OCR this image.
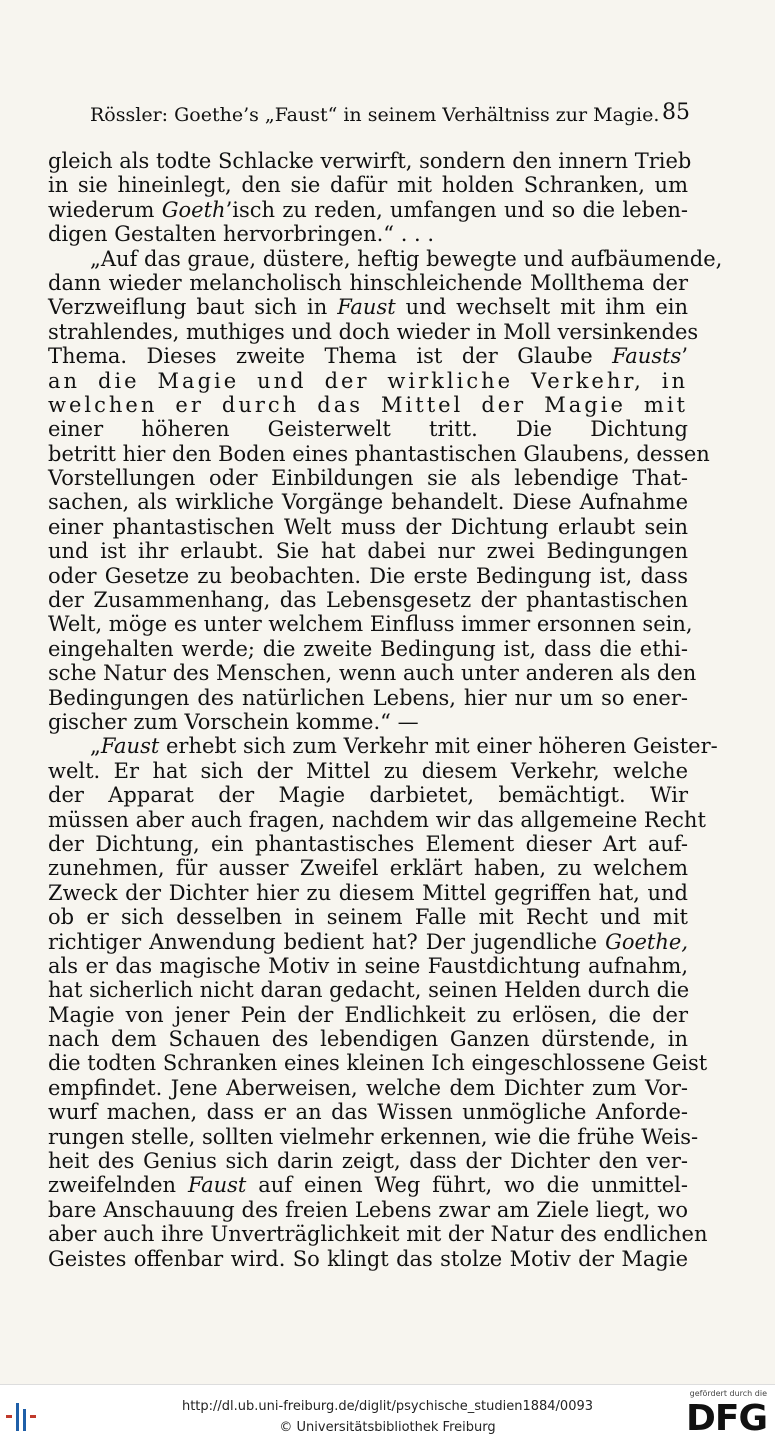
Rössler: Goethe’s „Faust“ in seinem Verhältniss zur Magie. 85
gleich als todte Schlacke verwirft, sondern den innern Trieb
in sie hineinlegt, den sie dafür mit holden Schranken, um
wiederum Goeth’isch zu reden, umfangen und so die leben-
digen Gestalten hervorbringen.“ . . .
„Auf das graue, düstere, heftig bewegte und aufbäumende,
dann wieder melancholisch hinschleichende Mollthema der
Verzweiflung baut sich in Faust und wechselt mit ihm ein
strahlendes, muthiges und doch wieder in Moll versinkendes
Thema. Dieses zweite Thema ist der Glaube Fausts’
an die Magie und der wirkliche Verkehr, in
welchen er durch das Mittel der Magie mit
einer höheren Geisterwelt tritt. Die Dichtung
betritt hier den Boden eines phantastischen Glaubens, dessen
Vorstellungen oder Einbildungen sie als lebendige That-
sachen, als wirkliche Vorgänge behandelt. Diese Aufnahme
einer phantastischen Welt muss der Dichtung erlaubt sein
und ist ihr erlaubt. Sie hat dabei nur zwei Bedingungen
oder Gesetze zu beobachten. Die erste Bedingung ist, dass
der Zusammenhang, das Lebensgesetz der phantastischen
Welt, möge es unter welchem Einfluss immer ersonnen sein,
eingehalten werde; die zweite Bedingung ist, dass die ethi-
sche Natur des Menschen, wenn auch unter anderen als den
Bedingungen des natürlichen Lebens, hier nur um so ener-
gischer zum Vorschein komme.“ —
„Faust erhebt sich zum Verkehr mit einer höheren Geister-
welt. Er hat sich der Mittel zu diesem Verkehr, welche
der Apparat der Magie darbietet, bemächtigt. Wir
müssen aber auch fragen, nachdem wir das allgemeine Recht
der Dichtung, ein phantastisches Element dieser Art auf-
zunehmen, für ausser Zweifel erklärt haben, zu welchem
Zweck der Dichter hier zu diesem Mittel gegriffen hat, und
ob er sich desselben in seinem Falle mit Recht und mit
richtiger Anwendung bedient hat? Der jugendliche Goethe,
als er das magische Motiv in seine Faustdichtung aufnahm,
hat sicherlich nicht daran gedacht, seinen Helden durch die
Magie von jener Pein der Endlichkeit zu erlösen, die der
nach dem Schauen des lebendigen Ganzen dürstende, in
die todten Schranken eines kleinen Ich eingeschlossene Geist
empfindet. Jene Aberweisen, welche dem Dichter zum Vor-
wurf machen, dass er an das Wissen unmögliche Anforde-
rungen stelle, sollten vielmehr erkennen, wie die frühe Weis-
heit des Genius sich darin zeigt, dass der Dichter den ver-
zweifelnden Faust auf einen Weg führt, wo die unmittel-
bare Anschauung des freien Lebens zwar am Ziele liegt, wo
aber auch ihre Unverträglichkeit mit der Natur des endlichen
Geistes offenbar wird. So klingt das stolze Motiv der Magie
http://dl.ub.uni-freiburg.de/diglit/psychische_studien1884/0093
© Universitätsbibliothek Freiburg
gefördert durch die
DFG
